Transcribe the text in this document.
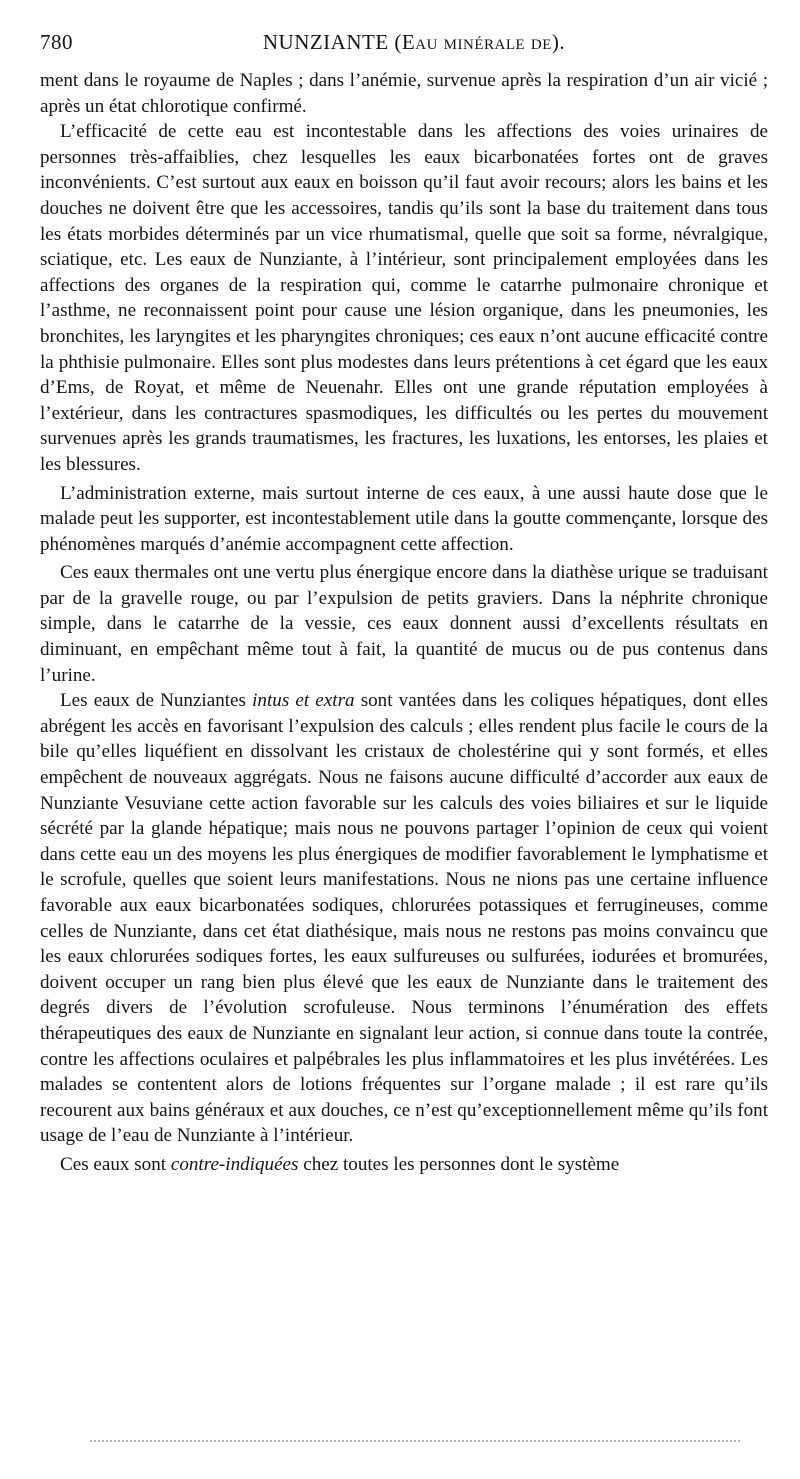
780	NUNZIANTE (Eau minérale de).

ment dans le royaume de Naples ; dans l’anémie, survenue après la respiration d’un air vicié ; après un état chlorotique confirmé.

L’efficacité de cette eau est incontestable dans les affections des voies urinaires de personnes très-affaiblies, chez lesquelles les eaux bicarbonatées fortes ont de graves inconvénients. C’est surtout aux eaux en boisson qu’il faut avoir recours; alors les bains et les douches ne doivent être que les accessoires, tandis qu’ils sont la base du traitement dans tous les états morbides déterminés par un vice rhumatismal, quelle que soit sa forme, névralgique, sciatique, etc. Les eaux de Nunziante, à l’intérieur, sont principalement employées dans les affections des organes de la respiration qui, comme le catarrhe pulmonaire chronique et l’asthme, ne reconnaissent point pour cause une lésion organique, dans les pneumonies, les bronchites, les laryngites et les pharyngites chroniques; ces eaux n’ont aucune efficacité contre la phthisie pulmonaire. Elles sont plus modestes dans leurs prétentions à cet égard que les eaux d’Ems, de Royat, et même de Neuenahr. Elles ont une grande réputation employées à l’extérieur, dans les contractures spasmodiques, les difficultés ou les pertes du mouvement survenues après les grands traumatismes, les fractures, les luxations, les entorses, les plaies et les blessures.

L’administration externe, mais surtout interne de ces eaux, à une aussi haute dose que le malade peut les supporter, est incontestablement utile dans la goutte commençante, lorsque des phénomènes marqués d’anémie accompagnent cette affection.

Ces eaux thermales ont une vertu plus énergique encore dans la diathèse urique se traduisant par de la gravelle rouge, ou par l’expulsion de petits graviers. Dans la néphrite chronique simple, dans le catarrhe de la vessie, ces eaux donnent aussi d’excellents résultats en diminuant, en empêchant même tout à fait, la quantité de mucus ou de pus contenus dans l’urine.

Les eaux de Nunziantes intus et extra sont vantées dans les coliques hépatiques, dont elles abrégent les accès en favorisant l’expulsion des calculs ; elles rendent plus facile le cours de la bile qu’elles liquéfient en dissolvant les cristaux de cholestérine qui y sont formés, et elles empêchent de nouveaux aggrégats. Nous ne faisons aucune difficulté d’accorder aux eaux de Nunziante Vesuviane cette action favorable sur les calculs des voies biliaires et sur le liquide sécrété par la glande hépatique; mais nous ne pouvons partager l’opinion de ceux qui voient dans cette eau un des moyens les plus énergiques de modifier favorablement le lymphatisme et le scrofule, quelles que soient leurs manifestations. Nous ne nions pas une certaine influence favorable aux eaux bicarbonatées sodiques, chlorurées potassiques et ferrugineuses, comme celles de Nunziante, dans cet état diathésique, mais nous ne restons pas moins convaincu que les eaux chlorurées sodiques fortes, les eaux sulfureuses ou sulfurées, iodurées et bromurées, doivent occuper un rang bien plus élevé que les eaux de Nunziante dans le traitement des degrés divers de l’évolution scrofuleuse. Nous terminons l’énumération des effets thérapeutiques des eaux de Nunziante en signalant leur action, si connue dans toute la contrée, contre les affections oculaires et palpébrales les plus inflammatoires et les plus invétérées. Les malades se contentent alors de lotions fréquentes sur l’organe malade ; il est rare qu’ils recourent aux bains généraux et aux douches, ce n’est qu’exceptionnellement même qu’ils font usage de l’eau de Nunziante à l’intérieur.

Ces eaux sont contre-indiquées chez toutes les personnes dont le système
